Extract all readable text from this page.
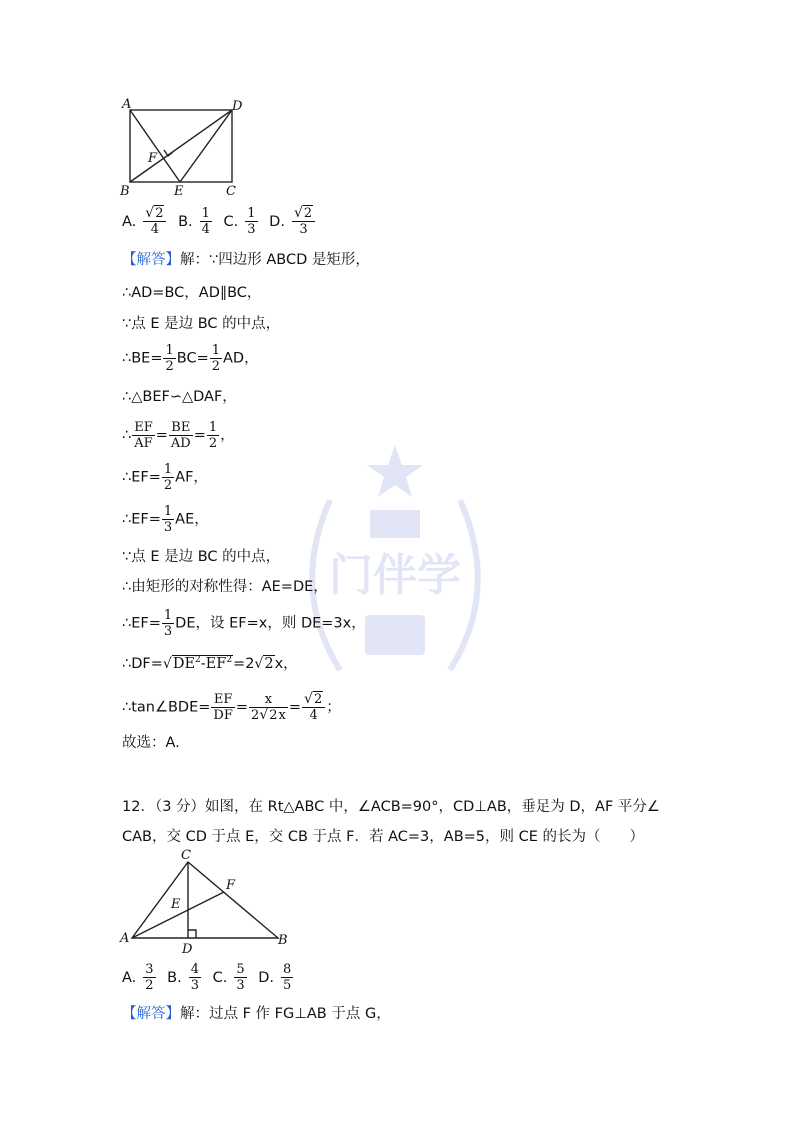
门伴学
中考主题
A	D
F
B	E	C
A. $\frac{√2}{4} B$. $\frac{1}{4} C$. $\frac{1}{3} D$. $\frac{√2}{3}$
【解答】解：∵四边形 ABCD 是矩形，
∴AD=BC，AD∥BC，
∵点 E 是边 BC 的中点，
∴BE= $\frac{1}{2} BC= \frac{1}{2}$ AD，
∴△BEF∽△DAF，
∴ $\frac{EF}{AF} = \frac{BE}{AD} = \frac{1}{2}$ ，
∴EF= $\frac{1}{2}$ AF，
∴EF= $\frac{1}{3}$ AE，
∵点 E 是边 BC 的中点，
∴由矩形的对称性得：AE=DE，
∴EF= $\frac{1}{3}$ DE，设 EF=x，则 DE=3x，
$\therefore DF=√DE^2-EF^2=2√2x$，
∴tan∠BDE= $\frac{EF}{DF} = \frac{x}{2√2x} = \frac{√2}{4}$ ；
故选：A.
12．（3 分）如图，在 Rt△ABC 中，∠ACB=90°，CD⊥AB，垂足为 D，AF 平分∠
CAB，交 CD 于点 E，交 CB 于点 F．若 AC=3，AB=5，则 CE 的长为（　　）
C
F
E
A
D
B
A. $\frac{3}{2} B$. $\frac{4}{3} C$. $\frac{5}{3} D$. $\frac{8}{5}$
【解答】解：过点 F 作 FG⊥AB 于点 G，
